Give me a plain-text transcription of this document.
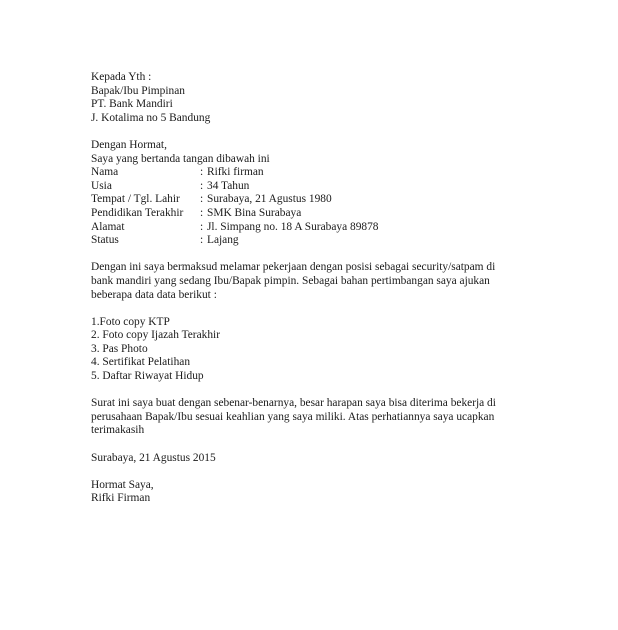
Kepada Yth :
Bapak/Ibu Pimpinan
PT. Bank Mandiri
J. Kotalima no 5 Bandung
Dengan Hormat,
Saya yang bertanda tangan dibawah ini
Nama	: Rifki firman
Usia	: 34 Tahun
Tempat / Tgl. Lahir	: Surabaya, 21 Agustus 1980
Pendidikan Terakhir	: SMK Bina Surabaya
Alamat	: Jl. Simpang no. 18 A Surabaya 89878
Status	: Lajang
Dengan ini saya bermaksud melamar pekerjaan dengan posisi sebagai security/satpam di
bank mandiri yang sedang Ibu/Bapak pimpin. Sebagai bahan pertimbangan saya ajukan
beberapa data data berikut :
1.Foto copy KTP
2. Foto copy Ijazah Terakhir
3. Pas Photo
4. Sertifikat Pelatihan
5. Daftar Riwayat Hidup
Surat ini saya buat dengan sebenar-benarnya, besar harapan saya bisa diterima bekerja di
perusahaan Bapak/Ibu sesuai keahlian yang saya miliki. Atas perhatiannya saya ucapkan
terimakasih
Surabaya, 21 Agustus 2015
Hormat Saya,
Rifki Firman
